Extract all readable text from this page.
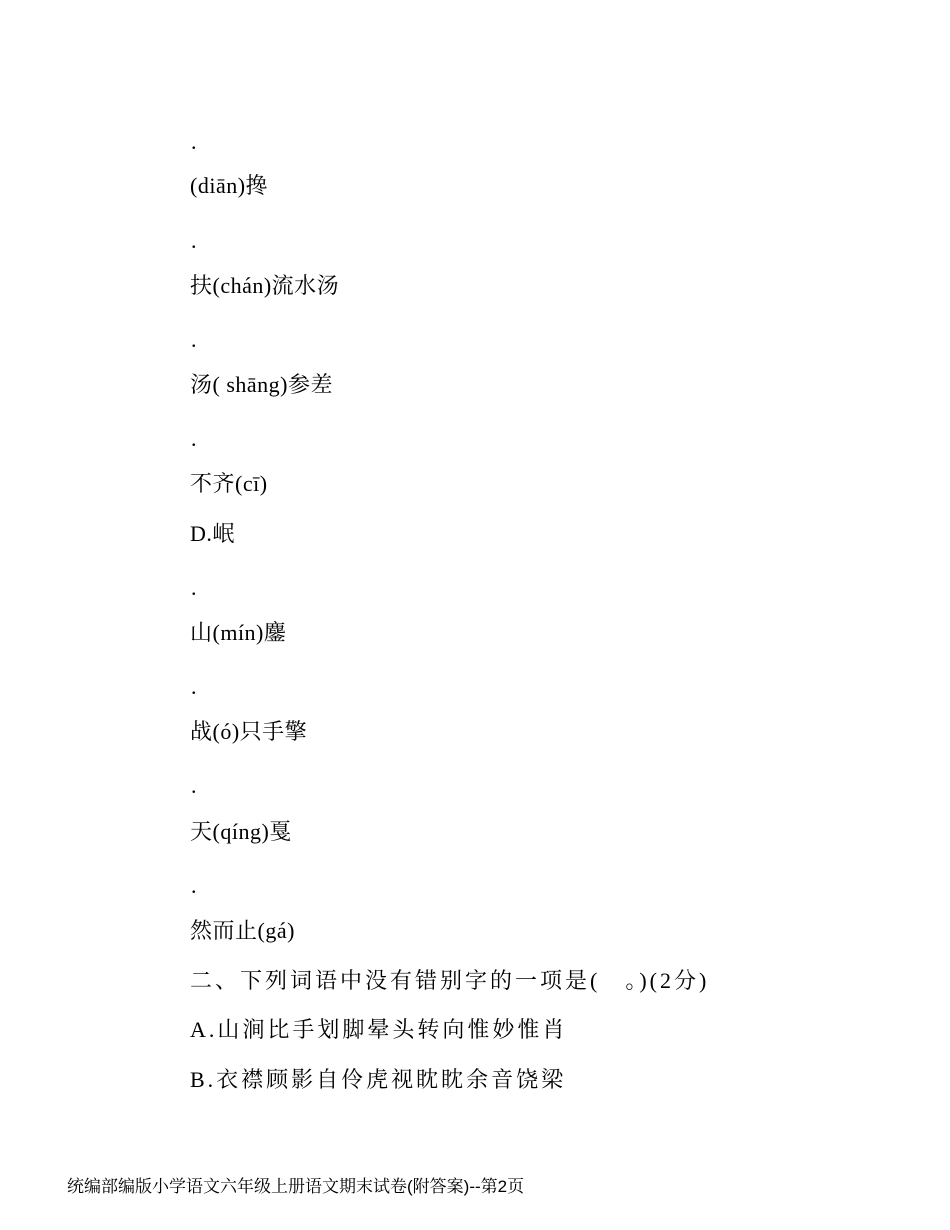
.
(diān)搀
.
扶(chán)流水汤
.
汤( shāng)参差
.
不齐(cī)
D.岷
.
山(mín)鏖
.
战(ó)只手擎
.
天(qíng)戛
.
然而止(gá)
二、下列词语中没有错别字的一项是(　。)(2分)
A.山涧比手划脚晕头转向惟妙惟肖
B.衣襟顾影自伶虎视眈眈余音饶梁
统编部编版小学语文六年级上册语文期末试卷(附答案)--第2页
